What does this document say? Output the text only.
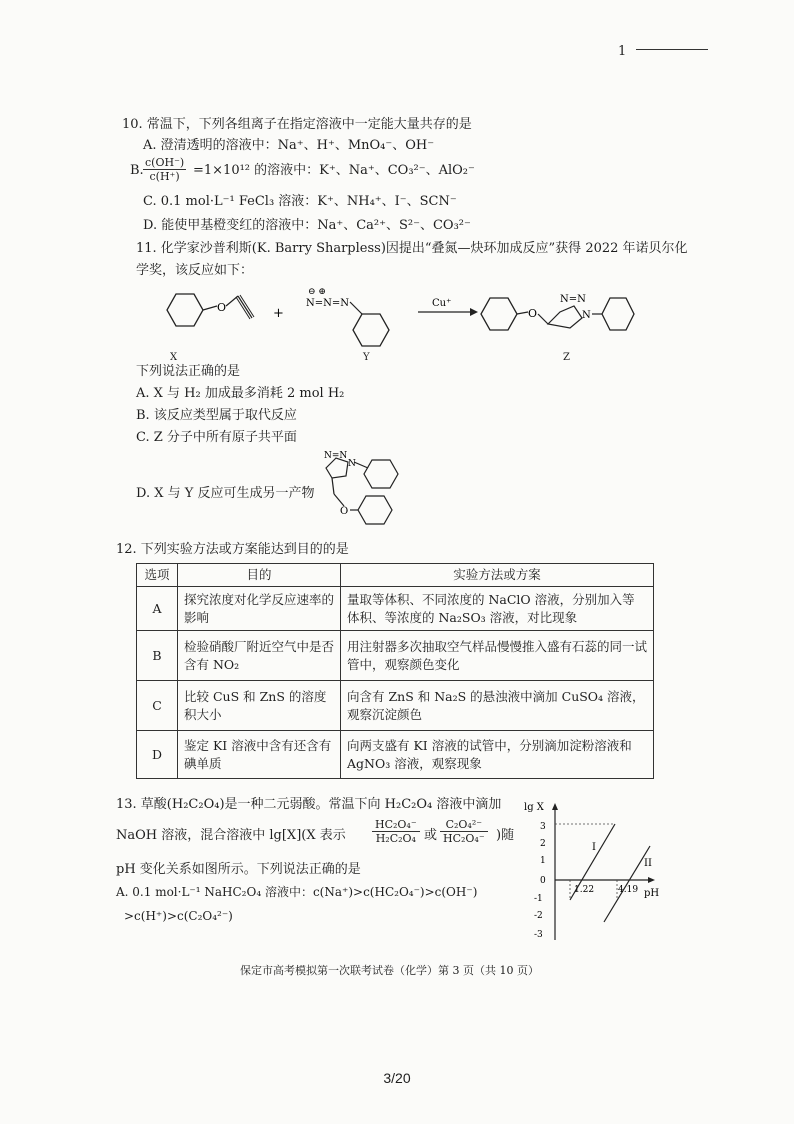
1
10. 常温下，下列各组离子在指定溶液中一定能大量共存的是
A. 澄清透明的溶液中：Na⁺、H⁺、MnO₄⁻、OH⁻
$\frac{c(OH^-)}{c(H^+)}$
B.	=1×10¹² 的溶液中：K⁺、Na⁺、CO₃²⁻、AlO₂⁻
C. 0.1 mol·L⁻¹ FeCl₃ 溶液：K⁺、NH₄⁺、I⁻、SCN⁻
D. 能使甲基橙变红的溶液中：Na⁺、Ca²⁺、S²⁻、CO₃²⁻
11. 化学家沙普利斯(K. Barry Sharpless)因提出“叠氮—炔环加成反应”获得 2022 年诺贝尔化
学奖，该反应如下：
O	+
⊖ ⊕
N=N=N	Cu⁺
O
N=N
N
X	Y	Z
下列说法正确的是
A. X 与 H₂ 加成最多消耗 2 mol H₂
B. 该反应类型属于取代反应
C. Z 分子中所有原子共平面
D. X 与 Y 反应可生成另一产物
N=N
N
O
12. 下列实验方法或方案能达到目的的是
选项	目的	实验方法或方案
A	探究浓度对化学反应速率的影响	量取等体积、不同浓度的 NaClO 溶液，分别加入等体积、等浓度的 Na₂SO₃ 溶液，对比现象
B	检验硝酸厂附近空气中是否含有 NO₂	用注射器多次抽取空气样品慢慢推入盛有石蕊的同一试管中，观察颜色变化
C	比较 CuS 和 ZnS 的溶度积大小	向含有 ZnS 和 Na₂S 的悬浊液中滴加 CuSO₄ 溶液，观察沉淀颜色
D	鉴定 KI 溶液中含有还含有碘单质	向两支盛有 KI 溶液的试管中，分别滴加淀粉溶液和 AgNO₃ 溶液，观察现象
13. 草酸(H₂C₂O₄)是一种二元弱酸。常温下向 H₂C₂O₄ 溶液中滴加
NaOH 溶液，混合溶液中 lg[X](X 表示 $\frac{\text{HC₂O₄⁻}}{\text{H₂C₂O₄}}$ 或 $\frac{\text{C₂O₄²⁻}}{\text{HC₂O₄⁻}}$ )随
pH 变化关系如图所示。下列说法正确的是
A. 0.1 mol·L⁻¹ NaHC₂O₄ 溶液中：c(Na⁺)>c(HC₂O₄⁻)>c(OH⁻)
>c(H⁺)>c(C₂O₄²⁻)
lg X
pH
3
2
1
0
-1
-2
-3
1.22	4.19
I
II
保定市高考模拟第一次联考试卷（化学）第 3 页（共 10 页）
3/20
